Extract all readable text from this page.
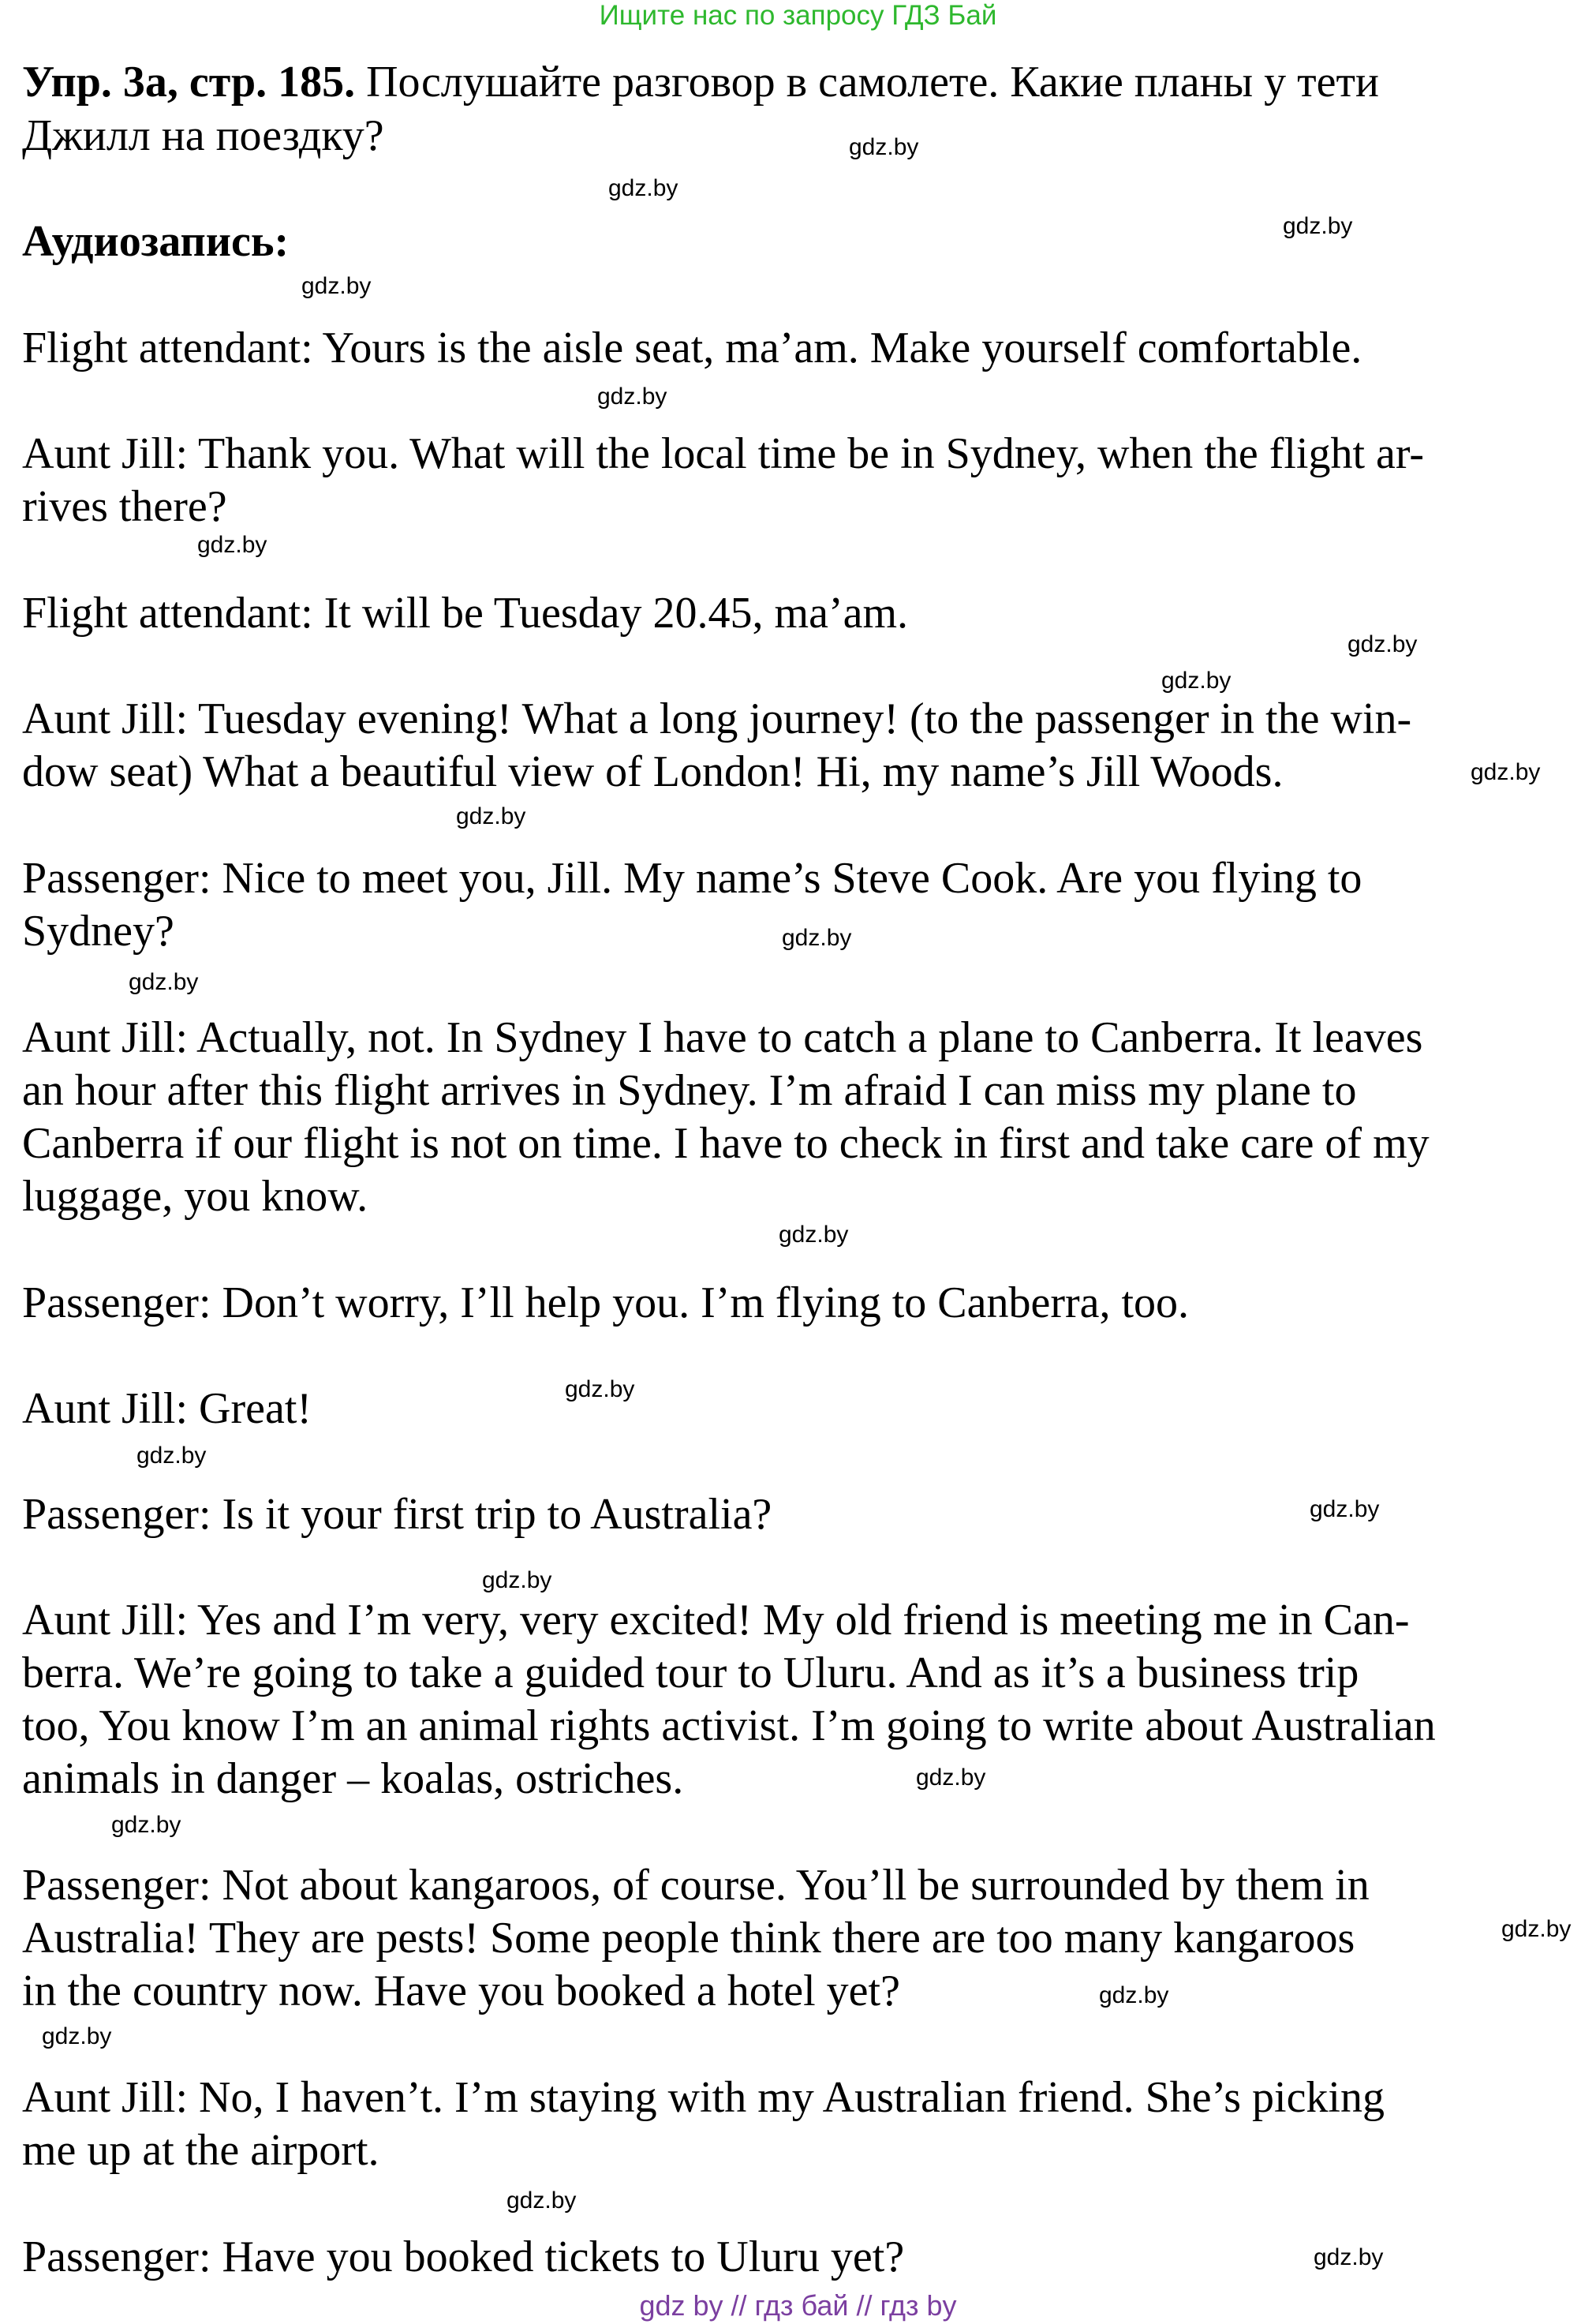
Ищите нас по запросу ГДЗ Бай
Упр. 3а, стр. 185. Послушайте разговор в самолете. Какие планы у тети
Джилл на поездку?
Аудиозапись:
Flight attendant: Yours is the aisle seat, ma’am. Make yourself comfortable.
Aunt Jill: Thank you. What will the local time be in Sydney, when the flight ar-
rives there?
Flight attendant: It will be Tuesday 20.45, ma’am.
Aunt Jill: Tuesday evening! What a long journey! (to the passenger in the win-
dow seat) What a beautiful view of London! Hi, my name’s Jill Woods.
Passenger: Nice to meet you, Jill. My name’s Steve Cook. Are you flying to
Sydney?
Aunt Jill: Actually, not. In Sydney I have to catch a plane to Canberra. It leaves
an hour after this flight arrives in Sydney. I’m afraid I can miss my plane to
Canberra if our flight is not on time. I have to check in first and take care of my
luggage, you know.
Passenger: Don’t worry, I’ll help you. I’m flying to Canberra, too.
Aunt Jill: Great!
Passenger: Is it your first trip to Australia?
Aunt Jill: Yes and I’m very, very excited! My old friend is meeting me in Can-
berra. We’re going to take a guided tour to Uluru. And as it’s a business trip
too, You know I’m an animal rights activist. I’m going to write about Australian
animals in danger – koalas, ostriches.
Passenger: Not about kangaroos, of course. You’ll be surrounded by them in
Australia! They are pests! Some people think there are too many kangaroos
in the country now. Have you booked a hotel yet?
Aunt Jill: No, I haven’t. I’m staying with my Australian friend. She’s picking
me up at the airport.
Passenger: Have you booked tickets to Uluru yet?
gdz.by
gdz.by
gdz.by
gdz.by
gdz.by
gdz.by
gdz.by
gdz.by
gdz.by
gdz.by
gdz.by
gdz.by
gdz.by
gdz.by
gdz.by
gdz.by
gdz.by
gdz.by
gdz.by
gdz.by
gdz.by
gdz.by
gdz.by
gdz.by
gdz by // гдз бай // гдз by
